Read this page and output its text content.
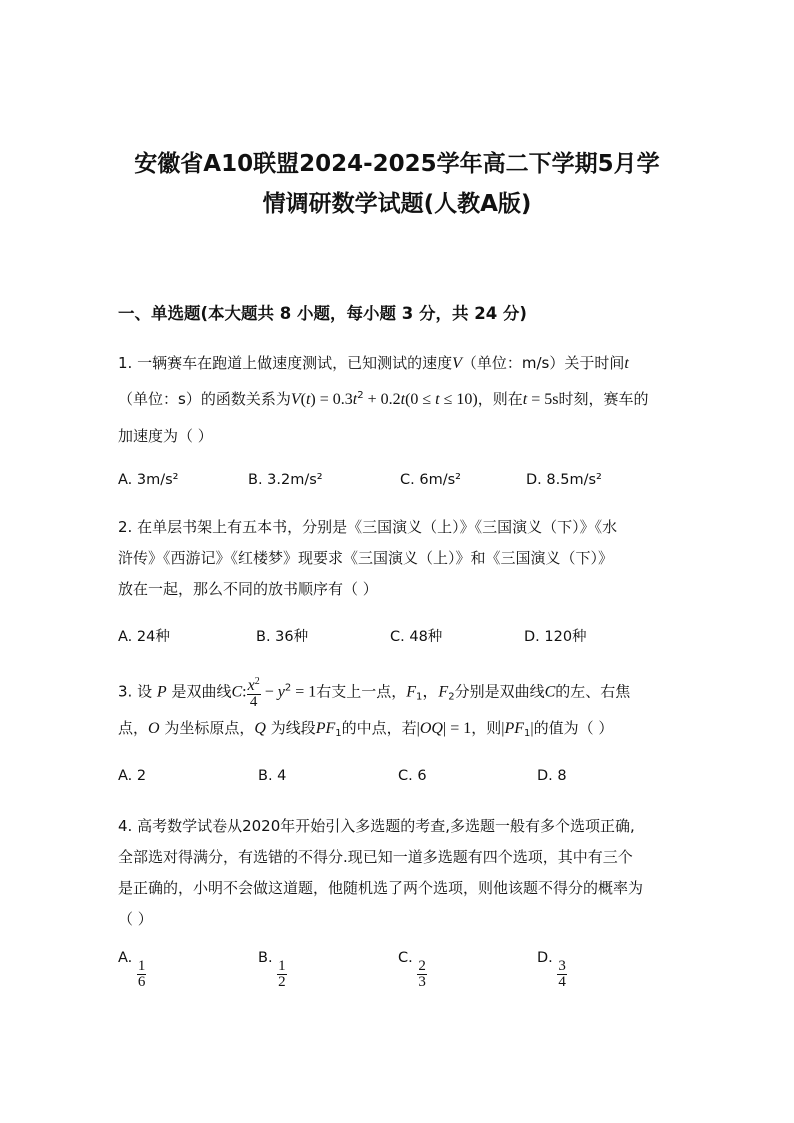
安徽省A10联盟2024-2025学年高二下学期5月学
情调研数学试题(人教A版)
一、单选题(本大题共 8 小题，每小题 3 分，共 24 分)
1. 一辆赛车在跑道上做速度测试，已知测试的速度V（单位：m/s）关于时间t
（单位：s）的函数关系为$V(t) = 0.3t^2 + 0.2t(0 \le t \le 10)$，则在t = 5s时刻，赛车的
加速度为（ ）
A. 3m/s²	B. 3.2m/s²	C. 6m/s²	D. 8.5m/s²
2. 在单层书架上有五本书，分别是《三国演义（上）》《三国演义（下）》《水
浒传》《西游记》《红楼梦》现要求《三国演义（上）》和《三国演义（下）》
放在一起，那么不同的放书顺序有（ ）
A. 24种	B. 36种	C. 48种	D. 120种
3. 设 P 是双曲线C: $\frac{x^2}{4} - y^2 = 1$右支上一点，$F_1$，$F_2$分别是双曲线C的左、右焦
点，O 为坐标原点，Q 为线段$PF_1$的中点，若|OQ| = 1，则$|PF_1|$的值为（ ）
A. 2	B. 4	C. 6	D. 8
4. 高考数学试卷从2020年开始引入多选题的考查,多选题一般有多个选项正确,
全部选对得满分，有选错的不得分.现已知一道多选题有四个选项，其中有三个
是正确的，小明不会做这道题，他随机选了两个选项，则他该题不得分的概率为
（ ）
A.
$\frac{1}{6}$
B.
$\frac{1}{2}$
C.
$\frac{2}{3}$
D.
$\frac{3}{4}$
